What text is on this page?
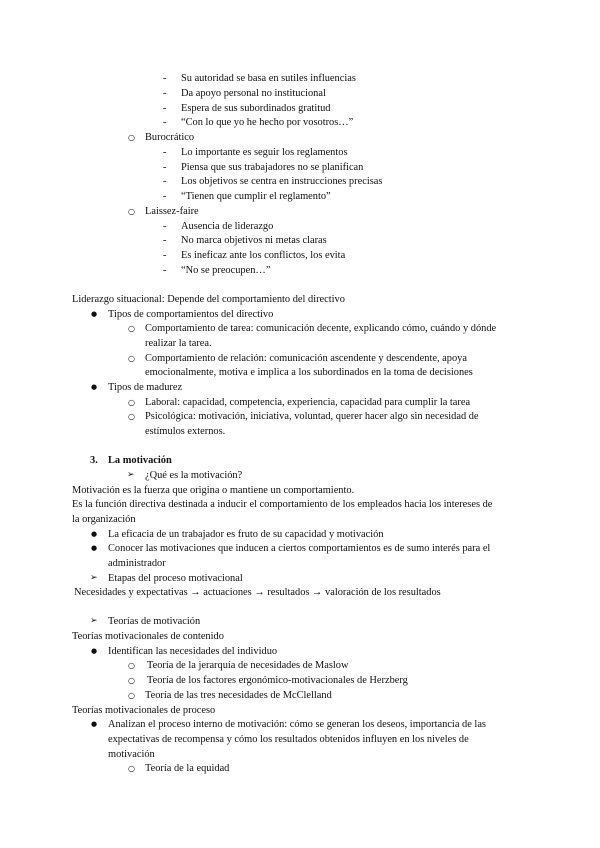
- Su autoridad se basa en sutiles influencias
- Da apoyo personal no institucional
- Espera de sus subordinados gratitud
- “Con lo que yo he hecho por vosotros…”
○ Burocrático
- Lo importante es seguir los reglamentos
- Piensa que sus trabajadores no se planifican
- Los objetivos se centra en instrucciones precisas
- “Tienen que cumplir el reglamento”
○ Laissez-faire
- Ausencia de liderazgo
- No marca objetivos ni metas claras
- Es ineficaz ante los conflictos, los evita
- “No se preocupen…”
Liderazgo situacional: Depende del comportamiento del directivo
● Tipos de comportamientos del directivo
○ Comportamiento de tarea: comunicación decente, explicando cómo, cuándo y dónde
realizar la tarea.
○ Comportamiento de relación: comunicación ascendente y descendente, apoya
emocionalmente, motiva e implica a los subordinados en la toma de decisiones
● Tipos de madurez
○ Laboral: capacidad, competencia, experiencia, capacidad para cumplir la tarea
○ Psicológica: motivación, iniciativa, voluntad, querer hacer algo sin necesidad de
estímulos externos.
3. La motivación
➢ ¿Qué es la motivación?
Motivación es la fuerza que origina o mantiene un comportamiento.
Es la función directiva destinada a inducir el comportamiento de los empleados hacia los intereses de
la organización
● La eficacia de un trabajador es fruto de su capacidad y motivación
● Conocer las motivaciones que inducen a ciertos comportamientos es de sumo interés para el
administrador
➢ Etapas del proceso motivacional
Necesidades y expectativas → actuaciones → resultados → valoración de los resultados
➢ Teorías de motivación
Teorías motivacionales de contenido
● Identifican las necesidades del individuo
○ Teoría de la jerarquía de necesidades de Maslow
○ Teoría de los factores ergonómico-motivacionales de Herzberg
○ Teoría de las tres necesidades de McClelland
Teorías motivacionales de proceso
● Analizan el proceso interno de motivación: cómo se generan los deseos, importancia de las
expectativas de recompensa y cómo los resultados obtenidos influyen en los niveles de
motivación
○ Teoría de la equidad
